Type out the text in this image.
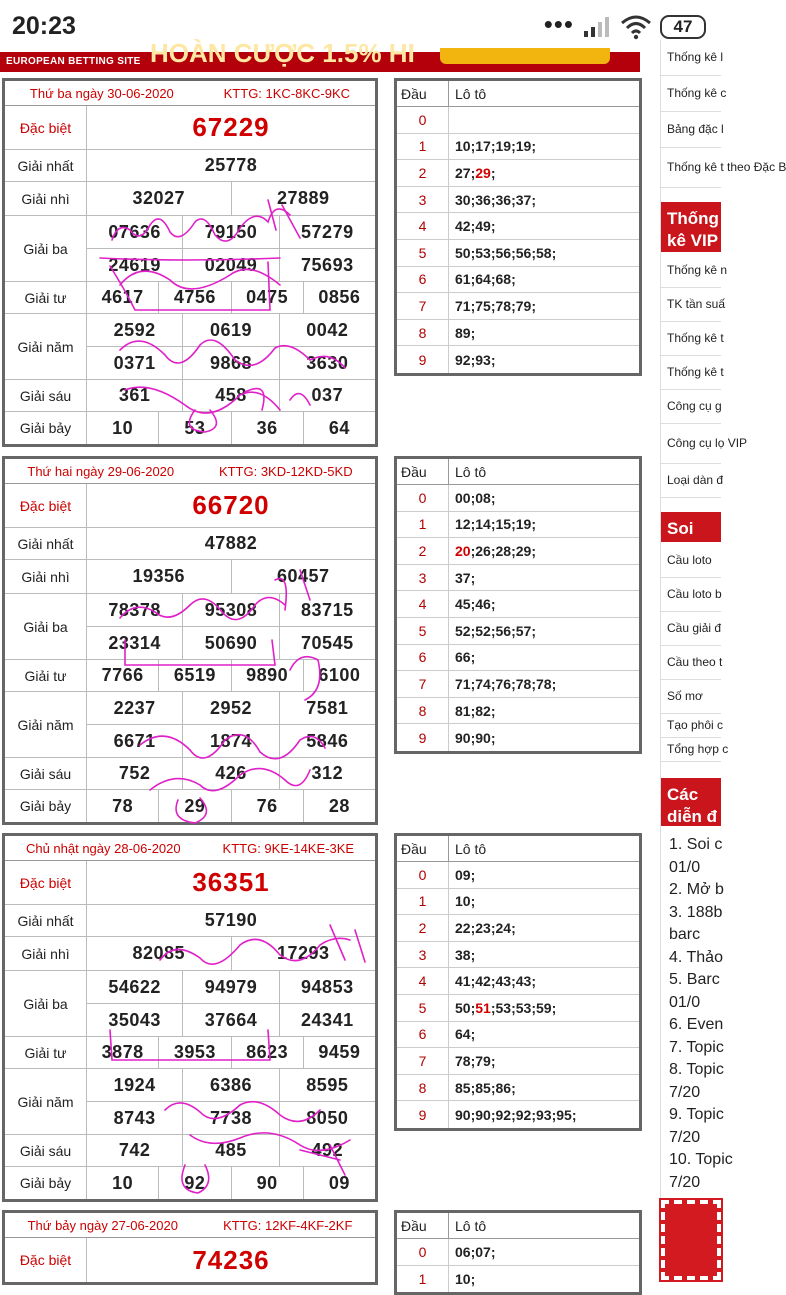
20:23	•••	47
HOÀN CƯỢC 1.5% HI
EUROPEAN BETTING SITE
Thứ ba ngày 30-06-2020	KTTG: 1KC-8KC-9KC
Đặc biệt	67229
Giải nhất	25778
Giải nhì	32027	27889
Giải ba
07636	79150	57279
24619	02049	75693
Giải tư	4617	4756	0475	0856
Giải năm
2592	0619	0042
0371	9868	3630
Giải sáu	361	458	037
Giải bảy	10	53	36	64
Đầu	Lô tô
0
1	10 ; 17 ; 19 ; 19 ;
2	27 ; 29 ;
3	30 ; 36 ; 36 ; 37 ;
4	42 ; 49 ;
5	50 ; 53 ; 56 ; 56 ; 58 ;
6	61 ; 64 ; 68 ;
7	71 ; 75 ; 78 ; 79 ;
8	89 ;
9	92 ; 93 ;
Thứ hai ngày 29-06-2020	KTTG: 3KD-12KD-5KD
Đặc biệt	66720
Giải nhất	47882
Giải nhì	19356	60457
Giải ba
78378	95308	83715
23314	50690	70545
Giải tư	7766	6519	9890	6100
Giải năm
2237	2952	7581
6671	1874	5846
Giải sáu	752	426	312
Giải bảy	78	29	76	28
Đầu	Lô tô
0	00 ; 08 ;
1	12 ; 14 ; 15 ; 19 ;
2	20 ; 26 ; 28 ; 29 ;
3	37 ;
4	45 ; 46 ;
5	52 ; 52 ; 56 ; 57 ;
6	66 ;
7	71 ; 74 ; 76 ; 78 ; 78 ;
8	81 ; 82 ;
9	90 ; 90 ;
Chủ nhật ngày 28-06-2020	KTTG: 9KE-14KE-3KE
Đặc biệt	36351
Giải nhất	57190
Giải nhì	82085	17293
Giải ba
54622	94979	94853
35043	37664	24341
Giải tư	3878	3953	8623	9459
Giải năm
1924	6386	8595
8743	7738	8050
Giải sáu	742	485	492
Giải bảy	10	92	90	09
Đầu	Lô tô
0	09 ;
1	10 ;
2	22 ; 23 ; 24 ;
3	38 ;
4	41 ; 42 ; 43 ; 43 ;
5	50 ; 51 ; 53 ; 53 ; 59 ;
6	64 ;
7	78 ; 79 ;
8	85 ; 85 ; 86 ;
9	90 ; 90 ; 92 ; 92 ; 93 ; 95 ;
Thứ bảy ngày 27-06-2020	KTTG: 12KF-4KF-2KF
Đặc biệt	74236
Đầu	Lô tô
0	06 ; 07 ;
1	10 ;
Thống kê l
Thống kê c
Bảng đặc l
Thống kê t theo Đặc B
Thống kê VIP
Thống kê n
TK tần suấ
Thống kê t
Thống kê t
Công cụ g
Công cụ lọ VIP
Loại dàn đ
Soi
Cầu loto
Cầu loto b
Cầu giải đ
Cầu theo t
Số mơ
Tạo phôi c
Tổng hợp c
Các diễn đ
1. Soi c
01/0
2. Mở b
3. 188b
barc
4. Thảo
5. Barc
01/0
6. Even
7. Topic
8. Topic
7/20
9. Topic
7/20
10. Topic
7/20
